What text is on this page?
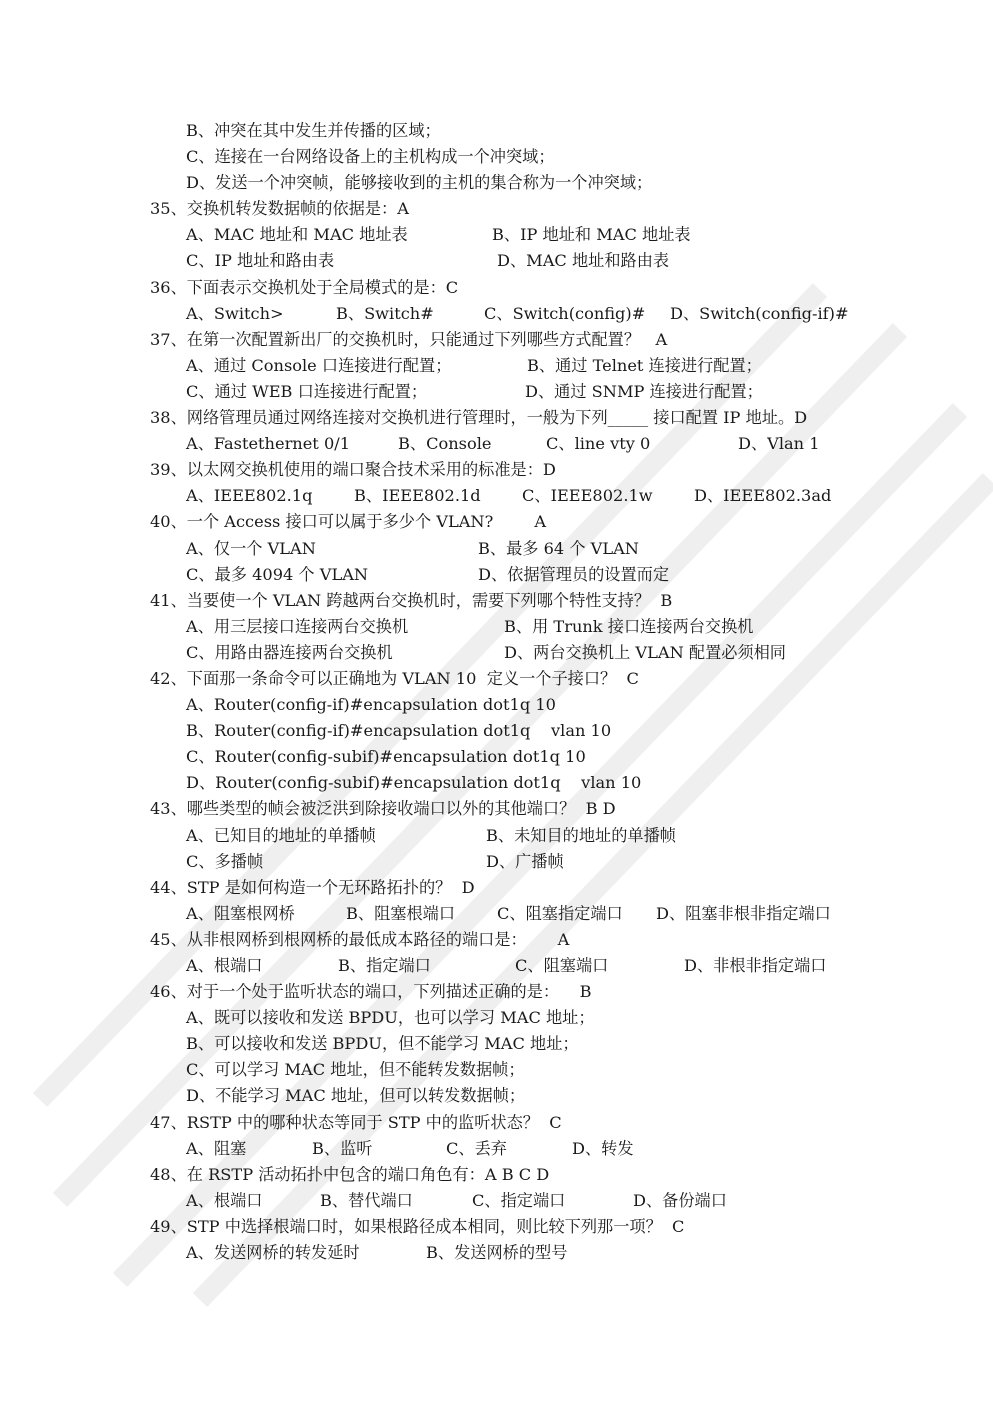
B、冲突在其中发生并传播的区域；
C、连接在一台网络设备上的主机构成一个冲突域；
D、发送一个冲突帧，能够接收到的主机的集合称为一个冲突域；
35、交换机转发数据帧的依据是：A
A、MAC 地址和 MAC 地址表	B、IP 地址和 MAC 地址表
C、IP 地址和路由表	D、MAC 地址和路由表
36、下面表示交换机处于全局模式的是：C
A、Switch>	B、Switch#	C、Switch(config)#	D、Switch(config-if)#
37、在第一次配置新出厂的交换机时，只能通过下列哪些方式配置？   A
A、通过 Console 口连接进行配置；	B、通过 Telnet 连接进行配置；
C、通过 WEB 口连接进行配置；	D、通过 SNMP 连接进行配置；
38、网络管理员通过网络连接对交换机进行管理时，一般为下列_____ 接口配置 IP 地址。D
A、Fastethernet 0/1	B、Console	C、line vty 0	D、Vlan 1
39、以太网交换机使用的端口聚合技术采用的标准是：D
A、IEEE802.1q	B、IEEE802.1d	C、IEEE802.1w	D、IEEE802.3ad
40、一个 Access 接口可以属于多少个 VLAN?        A
A、仅一个 VLAN	B、最多 64 个 VLAN
C、最多 4094 个 VLAN	D、依据管理员的设置而定
41、当要使一个 VLAN 跨越两台交换机时，需要下列哪个特性支持？  B
A、用三层接口连接两台交换机	B、用 Trunk 接口连接两台交换机
C、用路由器连接两台交换机	D、两台交换机上 VLAN 配置必须相同
42、下面那一条命令可以正确地为 VLAN 10  定义一个子接口？  C
A、Router(config-if)#encapsulation dot1q 10
B、Router(config-if)#encapsulation dot1q    vlan 10
C、Router(config-subif)#encapsulation dot1q 10
D、Router(config-subif)#encapsulation dot1q    vlan 10
43、哪些类型的帧会被泛洪到除接收端口以外的其他端口？  B D
A、已知目的地址的单播帧	B、未知目的地址的单播帧
C、多播帧	D、广播帧
44、STP 是如何构造一个无环路拓扑的？  D
A、阻塞根网桥	B、阻塞根端口	C、阻塞指定端口	D、阻塞非根非指定端口
45、从非根网桥到根网桥的最低成本路径的端口是：      A
A、根端口	B、指定端口	C、阻塞端口	D、非根非指定端口
46、对于一个处于监听状态的端口，下列描述正确的是：    B
A、既可以接收和发送 BPDU，也可以学习 MAC 地址；
B、可以接收和发送 BPDU，但不能学习 MAC 地址；
C、可以学习 MAC 地址，但不能转发数据帧；
D、不能学习 MAC 地址，但可以转发数据帧；
47、RSTP 中的哪种状态等同于 STP 中的监听状态？  C
A、阻塞	B、监听	C、丢弃	D、转发
48、在 RSTP 活动拓扑中包含的端口角色有：A B C D
A、根端口	B、替代端口	C、指定端口	D、备份端口
49、STP 中选择根端口时，如果根路径成本相同，则比较下列那一项？  C
A、发送网桥的转发延时	B、发送网桥的型号
